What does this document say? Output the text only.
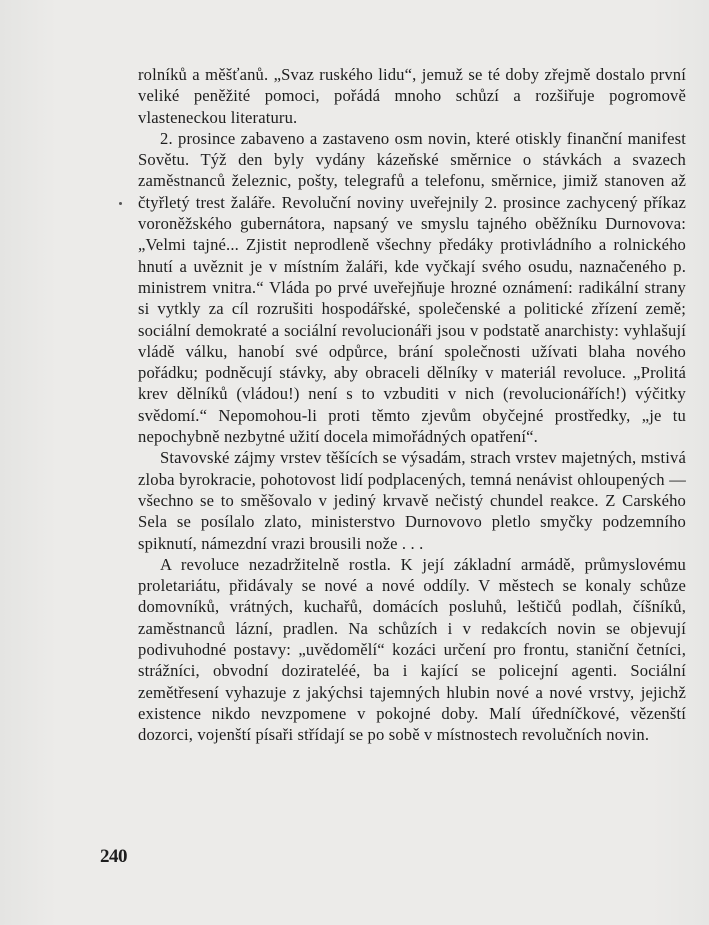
rolníků a měšťanů. „Svaz ruského lidu“, jemuž se té doby zřejmě dostalo první veliké peněžité pomoci, pořádá mnoho schůzí a rozšiřuje pogromově vlasteneckou literaturu.

2. prosince zabaveno a zastaveno osm novin, které otiskly finanční manifest Sovětu. Týž den byly vydány kázeňské směrnice o stávkách a svazech zaměstnanců železnic, pošty, telegrafů a telefonu, směrnice, jimiž stanoven až čtyřletý trest žaláře. Revoluční noviny uveřejnily 2. prosince zachycený příkaz voroněžského gubernátora, napsaný ve smyslu tajného oběžníku Durnovova: „Velmi tajné... Zjistit neprodleně všechny předáky protivládního a rolnického hnutí a uvěznit je v místním žaláři, kde vyčkají svého osudu, naznačeného p. ministrem vnitra.“ Vláda po prvé uveřejňuje hrozné oznámení: radikální strany si vytkly za cíl rozrušiti hospodářské, společenské a politické zřízení země; sociální demokraté a sociální revolucionáři jsou v podstatě anarchisty: vyhlašují vládě válku, hanobí své odpůrce, brání společnosti užívati blaha nového pořádku; podněcují stávky, aby obraceli dělníky v materiál revoluce. „Prolitá krev dělníků (vládou!) není s to vzbuditi v nich (revolucionářích!) výčitky svědomí.“ Nepomohou-li proti těmto zjevům obyčejné prostředky, „je tu nepochybně nezbytné užití docela mimořádných opatření“.

Stavovské zájmy vrstev těšících se výsadám, strach vrstev majetných, mstivá zloba byrokracie, pohotovost lidí podplacených, temná nenávist ohloupených — všechno se to směšovalo v jediný krvavě nečistý chundel reakce. Z Carského Sela se posílalo zlato, ministerstvo Durnovovo pletlo smyčky podzemního spiknutí, námezdní vrazi brousili nože . . .

A revoluce nezadržitelně rostla. K její základní armádě, průmyslovému proletariátu, přidávaly se nové a nové oddíly. V městech se konaly schůze domovníků, vrátných, kuchařů, domácích posluhů, leštičů podlah, číšníků, zaměstnanců lázní, pradlen. Na schůzích i v redakcích novin se objevují podivuhodné postavy: „uvědomělí“ kozáci určení pro frontu, staniční četníci, strážníci, obvodní dozirateléé, ba i kající se policejní agenti. Sociální zemětřesení vyhazuje z jakýchsi tajemných hlubin nové a nové vrstvy, jejichž existence nikdo nevzpomene v pokojné doby. Malí úředníčkové, vězenští dozorci, vojenští písaři střídají se po sobě v místnostech revolučních novin.

240
